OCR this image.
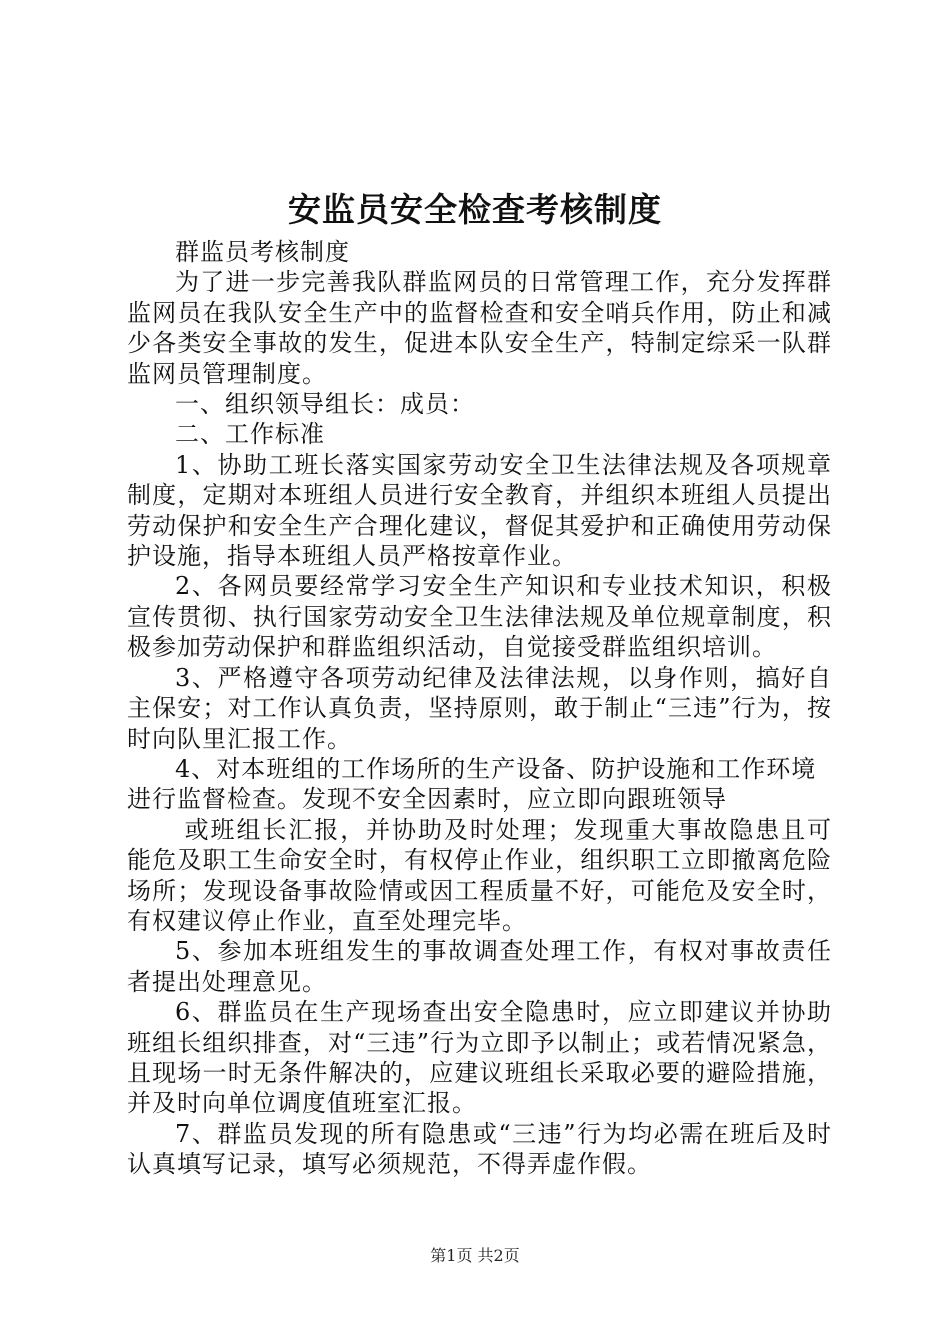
安监员安全检查考核制度

群监员考核制度

为了进一步完善我队群监网员的日常管理工作，充分发挥群监网员在我队安全生产中的监督检查和安全哨兵作用，防止和减少各类安全事故的发生，促进本队安全生产，特制定综采一队群监网员管理制度。

一、组织领导组长：成员：

二、工作标准

1、协助工班长落实国家劳动安全卫生法律法规及各项规章制度，定期对本班组人员进行安全教育，并组织本班组人员提出劳动保护和安全生产合理化建议，督促其爱护和正确使用劳动保护设施，指导本班组人员严格按章作业。

2、各网员要经常学习安全生产知识和专业技术知识，积极宣传贯彻、执行国家劳动安全卫生法律法规及单位规章制度，积极参加劳动保护和群监组织活动，自觉接受群监组织培训。

3、严格遵守各项劳动纪律及法律法规，以身作则，搞好自主保安；对工作认真负责，坚持原则，敢于制止“三违”行为，按时向队里汇报工作。

4、对本班组的工作场所的生产设备、防护设施和工作环境进行监督检查。发现不安全因素时，应立即向跟班领导

或班组长汇报，并协助及时处理；发现重大事故隐患且可能危及职工生命安全时，有权停止作业，组织职工立即撤离危险场所；发现设备事故险情或因工程质量不好，可能危及安全时，有权建议停止作业，直至处理完毕。

5、参加本班组发生的事故调查处理工作，有权对事故责任者提出处理意见。

6、群监员在生产现场查出安全隐患时，应立即建议并协助班组长组织排查，对“三违”行为立即予以制止；或若情况紧急，且现场一时无条件解决的，应建议班组长采取必要的避险措施，并及时向单位调度值班室汇报。

7、群监员发现的所有隐患或“三违”行为均必需在班后及时认真填写记录，填写必须规范，不得弄虚作假。

第1页 共2页
